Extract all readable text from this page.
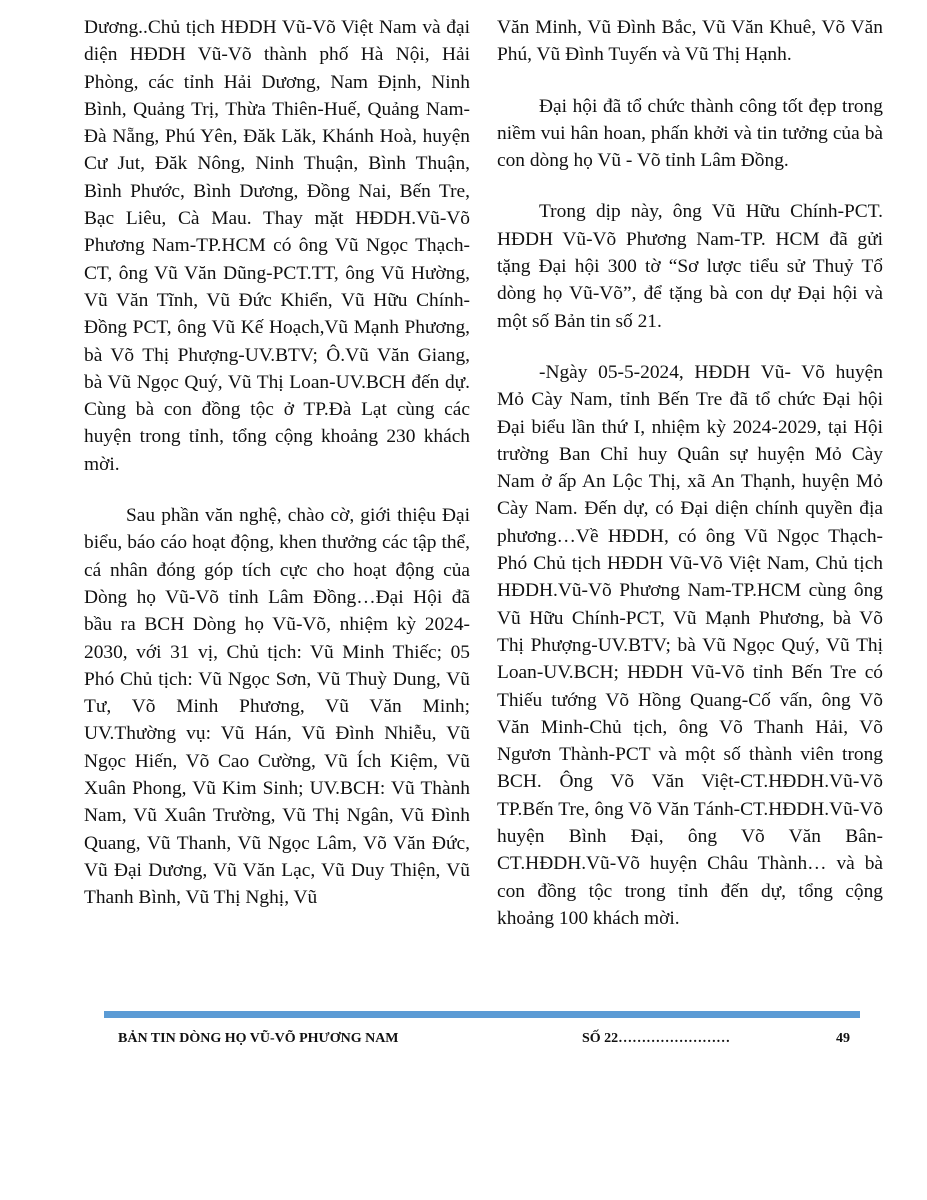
Dương..Chủ tịch HĐDH Vũ-Võ Việt Nam và đại diện HĐDH Vũ-Võ thành phố Hà Nội, Hải Phòng, các tỉnh Hải Dương, Nam Định, Ninh Bình, Quảng Trị, Thừa Thiên-Huế, Quảng Nam-Đà Nẵng, Phú Yên, Đăk Lăk, Khánh Hoà, huyện Cư Jut, Đăk Nông, Ninh Thuận, Bình Thuận, Bình Phước, Bình Dương, Đồng Nai, Bến Tre, Bạc Liêu, Cà Mau. Thay mặt HĐDH.Vũ-Võ Phương Nam-TP.HCM có ông Vũ Ngọc Thạch-CT, ông Vũ Văn Dũng-PCT.TT, ông Vũ Hường, Vũ Văn Tĩnh, Vũ Đức Khiển, Vũ Hữu Chính-Đồng PCT, ông Vũ Kế Hoạch,Vũ Mạnh Phương, bà Võ Thị Phượng-UV.BTV; Ô.Vũ Văn Giang, bà Vũ Ngọc Quý, Vũ Thị Loan-UV.BCH đến dự. Cùng bà con đồng tộc ở TP.Đà Lạt cùng các huyện trong tỉnh, tổng cộng khoảng 230 khách mời.

Sau phần văn nghệ, chào cờ, giới thiệu Đại biểu, báo cáo hoạt động, khen thưởng các tập thể, cá nhân đóng góp tích cực cho hoạt động của Dòng họ Vũ-Võ tỉnh Lâm Đồng…Đại Hội đã bầu ra BCH Dòng họ Vũ-Võ, nhiệm kỳ 2024-2030, với 31 vị, Chủ tịch: Vũ Minh Thiếc; 05 Phó Chủ tịch: Vũ Ngọc Sơn, Vũ Thuỳ Dung, Vũ Tư, Võ Minh Phương, Vũ Văn Minh; UV.Thường vụ: Vũ Hán, Vũ Đình Nhiễu, Vũ Ngọc Hiến, Võ Cao Cường, Vũ Ích Kiệm, Vũ Xuân Phong, Vũ Kim Sinh; UV.BCH: Vũ Thành Nam, Vũ Xuân Trường, Vũ Thị Ngân, Vũ Đình Quang, Vũ Thanh, Vũ Ngọc Lâm, Võ Văn Đức, Vũ Đại Dương, Vũ Văn Lạc, Vũ Duy Thiện, Vũ Thanh Bình, Vũ Thị Nghị, Vũ

Văn Minh, Vũ Đình Bắc, Vũ Văn Khuê, Võ Văn Phú, Vũ Đình Tuyến và Vũ Thị Hạnh.

Đại hội đã tổ chức thành công tốt đẹp trong niềm vui hân hoan, phấn khởi và tin tưởng của bà con dòng họ Vũ - Võ tỉnh Lâm Đồng.

Trong dịp này, ông Vũ Hữu Chính-PCT. HĐDH Vũ-Võ Phương Nam-TP. HCM đã gửi tặng Đại hội 300 tờ “Sơ lược tiểu sử Thuỷ Tổ dòng họ Vũ-Võ”, để tặng bà con dự Đại hội và một số Bản tin số 21.

-Ngày 05-5-2024, HĐDH Vũ- Võ huyện Mỏ Cày Nam, tỉnh Bến Tre đã tổ chức Đại hội Đại biểu lần thứ I, nhiệm kỳ 2024-2029, tại Hội trường Ban Chỉ huy Quân sự huyện Mỏ Cày Nam ở ấp An Lộc Thị, xã An Thạnh, huyện Mỏ Cày Nam. Đến dự, có Đại diện chính quyền địa phương…Về HĐDH, có ông Vũ Ngọc Thạch-Phó Chủ tịch HĐDH Vũ-Võ Việt Nam, Chủ tịch HĐDH.Vũ-Võ Phương Nam-TP.HCM cùng ông Vũ Hữu Chính-PCT, Vũ Mạnh Phương, bà Võ Thị Phượng-UV.BTV; bà Vũ Ngọc Quý, Vũ Thị Loan-UV.BCH; HĐDH Vũ-Võ tỉnh Bến Tre có Thiếu tướng Võ Hồng Quang-Cố vấn, ông Võ Văn Minh-Chủ tịch, ông Võ Thanh Hải, Võ Ngươn Thành-PCT và một số thành viên trong BCH. Ông Võ Văn Việt-CT.HĐDH.Vũ-Võ TP.Bến Tre, ông Võ Văn Tánh-CT.HĐDH.Vũ-Võ huyện Bình Đại, ông Võ Văn Bân- CT.HĐDH.Vũ-Võ huyện Châu Thành… và bà con đồng tộc trong tỉnh đến dự, tổng cộng khoảng 100 khách mời.

BẢN TIN DÒNG HỌ VŨ-VÕ PHƯƠNG NAM	SỐ 22……………………	49
